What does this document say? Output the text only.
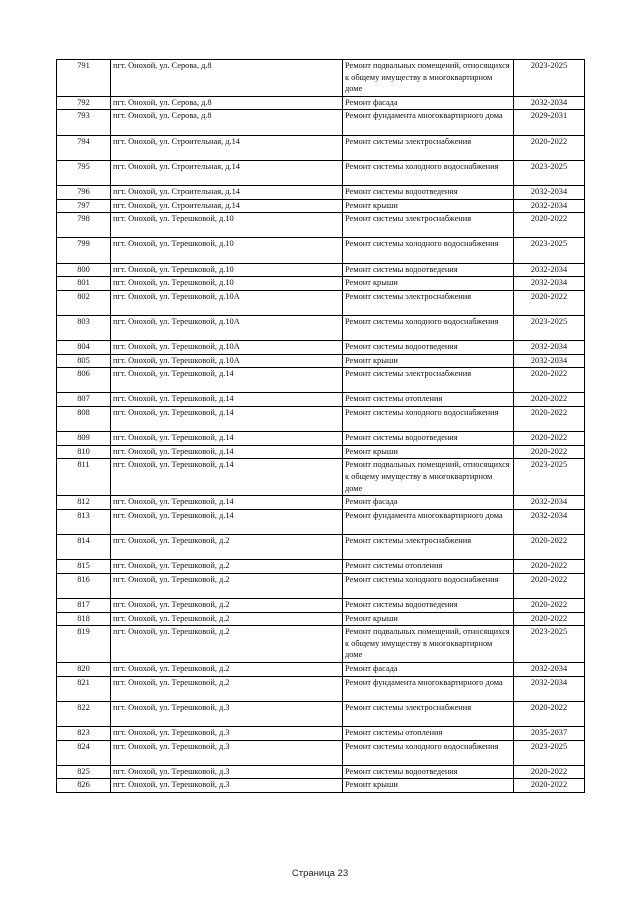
791	пгт. Онохой, ул. Серова, д.8	Ремонт подвальных помещений, относящихся к общему имуществу в многоквартирном доме	2023-2025
792	пгт. Онохой, ул. Серова, д.8	Ремонт фасада	2032-2034
793	пгт. Онохой, ул. Серова, д.8	Ремонт фундамента многоквартирного дома	2029-2031
794	пгт. Онохой, ул. Строительная, д.14	Ремонт системы электроснабжения	2020-2022
795	пгт. Онохой, ул. Строительная, д.14	Ремонт системы холодного водоснабжения	2023-2025
796	пгт. Онохой, ул. Строительная, д.14	Ремонт системы водоотведения	2032-2034
797	пгт. Онохой, ул. Строительная, д.14	Ремонт крыши	2032-2034
798	пгт. Онохой, ул. Терешковой, д.10	Ремонт системы электроснабжения	2020-2022
799	пгт. Онохой, ул. Терешковой, д.10	Ремонт системы холодного водоснабжения	2023-2025
800	пгт. Онохой, ул. Терешковой, д.10	Ремонт системы водоотведения	2032-2034
801	пгт. Онохой, ул. Терешковой, д.10	Ремонт крыши	2032-2034
802	пгт. Онохой, ул. Терешковой, д.10А	Ремонт системы электроснабжения	2020-2022
803	пгт. Онохой, ул. Терешковой, д.10А	Ремонт системы холодного водоснабжения	2023-2025
804	пгт. Онохой, ул. Терешковой, д.10А	Ремонт системы водоотведения	2032-2034
805	пгт. Онохой, ул. Терешковой, д.10А	Ремонт крыши	2032-2034
806	пгт. Онохой, ул. Терешковой, д.14	Ремонт системы электроснабжения	2020-2022
807	пгт. Онохой, ул. Терешковой, д.14	Ремонт системы отопления	2020-2022
808	пгт. Онохой, ул. Терешковой, д.14	Ремонт системы холодного водоснабжения	2020-2022
809	пгт. Онохой, ул. Терешковой, д.14	Ремонт системы водоотведения	2020-2022
810	пгт. Онохой, ул. Терешковой, д.14	Ремонт крыши	2020-2022
811	пгт. Онохой, ул. Терешковой, д.14	Ремонт подвальных помещений, относящихся к общему имуществу в многоквартирном доме	2023-2025
812	пгт. Онохой, ул. Терешковой, д.14	Ремонт фасада	2032-2034
813	пгт. Онохой, ул. Терешковой, д.14	Ремонт фундамента многоквартирного дома	2032-2034
814	пгт. Онохой, ул. Терешковой, д.2	Ремонт системы электроснабжения	2020-2022
815	пгт. Онохой, ул. Терешковой, д.2	Ремонт системы отопления	2020-2022
816	пгт. Онохой, ул. Терешковой, д.2	Ремонт системы холодного водоснабжения	2020-2022
817	пгт. Онохой, ул. Терешковой, д.2	Ремонт системы водоотведения	2020-2022
818	пгт. Онохой, ул. Терешковой, д.2	Ремонт крыши	2020-2022
819	пгт. Онохой, ул. Терешковой, д.2	Ремонт подвальных помещений, относящихся к общему имуществу в многоквартирном доме	2023-2025
820	пгт. Онохой, ул. Терешковой, д.2	Ремонт фасада	2032-2034
821	пгт. Онохой, ул. Терешковой, д.2	Ремонт фундамента многоквартирного дома	2032-2034
822	пгт. Онохой, ул. Терешковой, д.3	Ремонт системы электроснабжения	2020-2022
823	пгт. Онохой, ул. Терешковой, д.3	Ремонт системы отопления	2035-2037
824	пгт. Онохой, ул. Терешковой, д.3	Ремонт системы холодного водоснабжения	2023-2025
825	пгт. Онохой, ул. Терешковой, д.3	Ремонт системы водоотведения	2020-2022
826	пгт. Онохой, ул. Терешковой, д.3	Ремонт крыши	2020-2022
Страница 23
